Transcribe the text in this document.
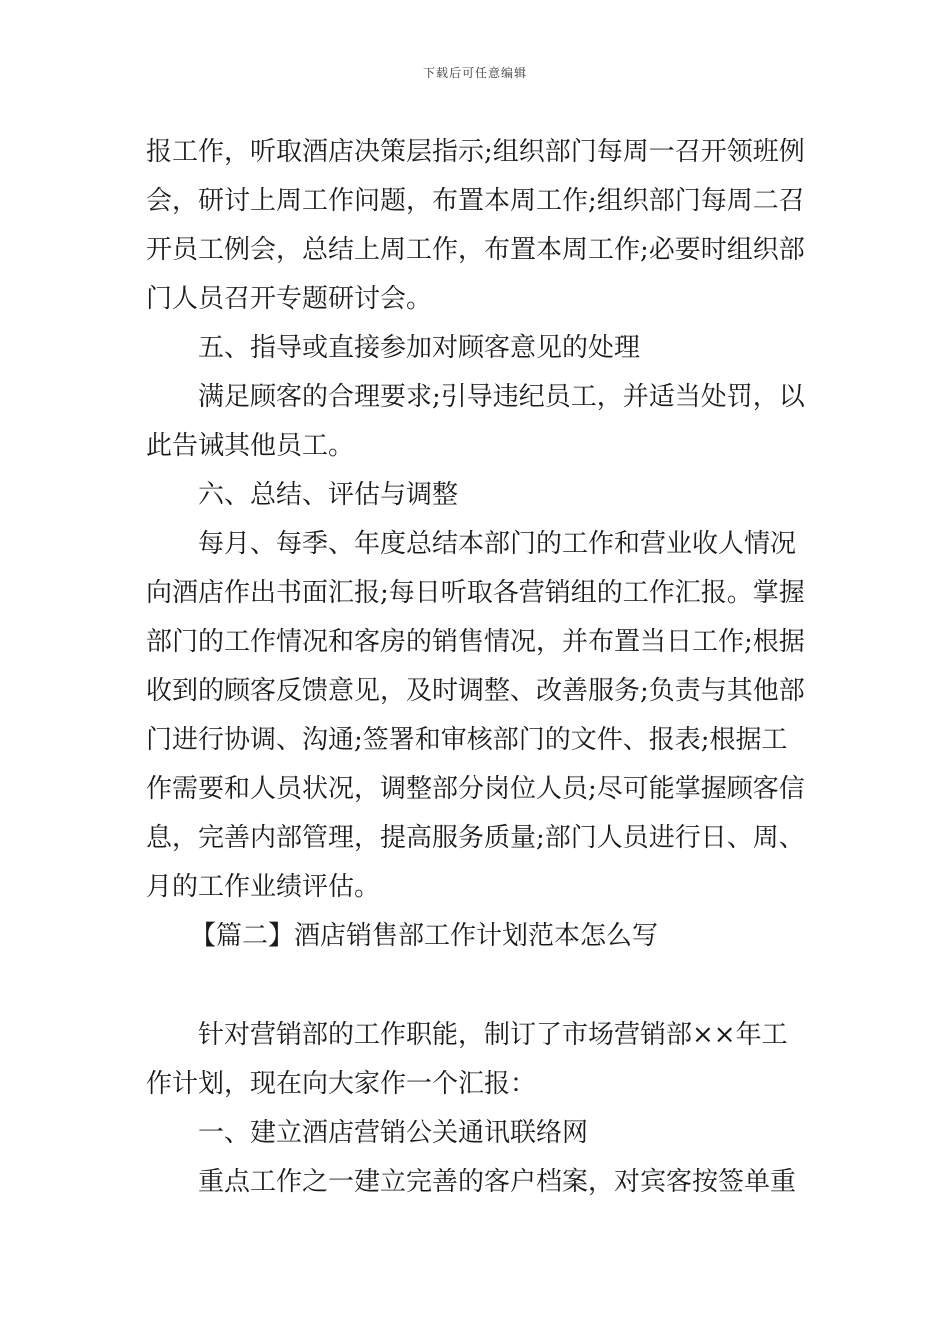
下载后可任意编辑

报工作，听取酒店决策层指示;组织部门每周一召开领班例

会，研讨上周工作问题，布置本周工作;组织部门每周二召

开员工例会，总结上周工作，布置本周工作;必要时组织部

门人员召开专题研讨会。

五、指导或直接参加对顾客意见的处理

满足顾客的合理要求;引导违纪员工，并适当处罚，以

此告诫其他员工。

六、总结、评估与调整

每月、每季、年度总结本部门的工作和营业收人情况

向酒店作出书面汇报;每日听取各营销组的工作汇报。掌握

部门的工作情况和客房的销售情况，并布置当日工作;根据

收到的顾客反馈意见，及时调整、改善服务;负责与其他部

门进行协调、沟通;签署和审核部门的文件、报表;根据工

作需要和人员状况，调整部分岗位人员;尽可能掌握顾客信

息，完善内部管理，提高服务质量;部门人员进行日、周、

月的工作业绩评估。

【篇二】酒店销售部工作计划范本怎么写

针对营销部的工作职能，制订了市场营销部××年工

作计划，现在向大家作一个汇报：

一、建立酒店营销公关通讯联络网

重点工作之一建立完善的客户档案，对宾客按签单重
